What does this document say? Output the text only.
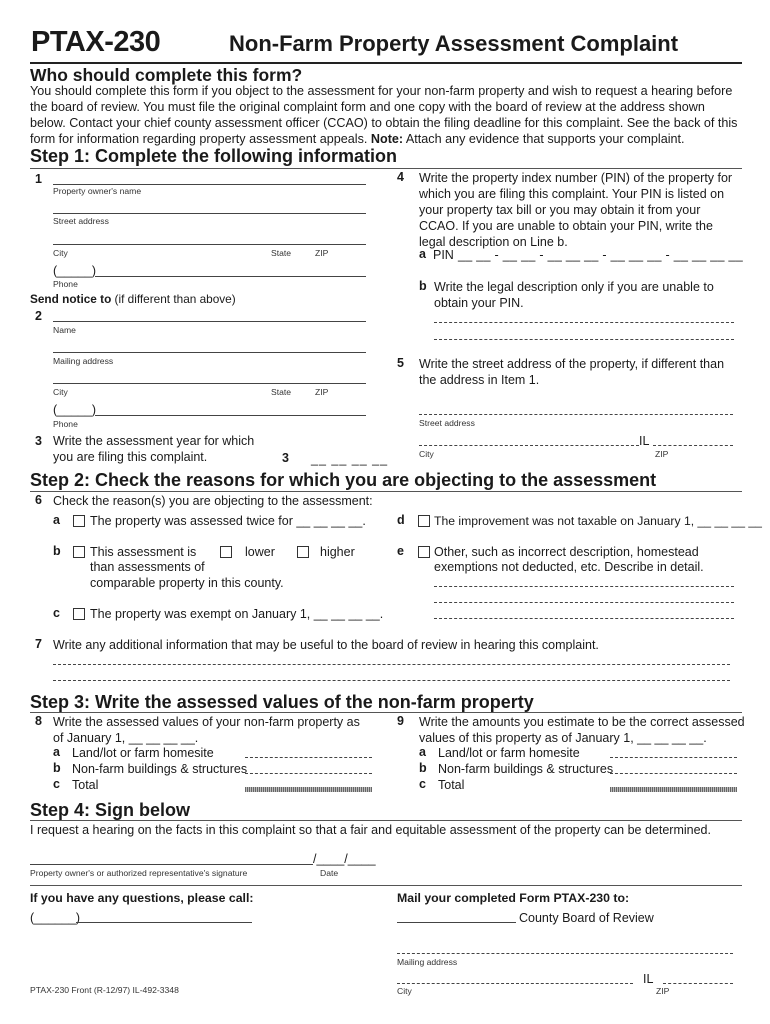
PTAX-230	Non-Farm Property Assessment Complaint
Who should complete this form?
You should complete this form if you object to the assessment for your non-farm property and wish to request a hearing before the board of review. You must file the original complaint form and one copy with the board of review at the address shown below. Contact your chief county assessment officer (CCAO) to obtain the filing deadline for this complaint. See the back of this form for information regarding property assessment appeals. Note: Attach any evidence that supports your complaint.
Step 1: Complete the following information
1
Property owner's name
Street address
City	State	ZIP
(_____)
Phone
Send notice to (if different than above)
2
Name
Mailing address
City	State	ZIP
(_____)
Phone
3 Write the assessment year for which
you are filing this complaint.	3 __ __ __ __
4 Write the property index number (PIN) of the property for which you are filing this complaint. Your PIN is listed on your property tax bill or you may obtain it from your CCAO. If you are unable to obtain your PIN, write the legal description on Line b.
a PIN __ __ - __ __ - __ __ __ - __ __ __ - __ __ __ __
b Write the legal description only if you are unable to obtain your PIN.
5 Write the street address of the property, if different than the address in Item 1.
Street address
IL
City	ZIP
Step 2: Check the reasons for which you are objecting to the assessment
6 Check the reason(s) you are objecting to the assessment:
a The property was assessed twice for __ __ __ __.
b This assessment is	lower	higher
than assessments of
comparable property in this county.
c The property was exempt on January 1, __ __ __ __.
d The improvement was not taxable on January 1, __ __ __ __
e Other, such as incorrect description, homestead
exemptions not deducted, etc. Describe in detail.
7 Write any additional information that may be useful to the board of review in hearing this complaint.
Step 3: Write the assessed values of the non-farm property
8 Write the assessed values of your non-farm property as
of January 1, __ __ __ __.
a Land/lot or farm homesite
b Non-farm buildings & structures
c Total
9 Write the amounts you estimate to be the correct assessed
values of this property as of January 1, __ __ __ __.
a Land/lot or farm homesite
b Non-farm buildings & structures
c Total
Step 4: Sign below
I request a hearing on the facts in this complaint so that a fair and equitable assessment of the property can be determined.
/____/____
Property owner's or authorized representative's signature	Date
If you have any questions, please call:
(______)
Mail your completed Form PTAX-230 to:
County Board of Review
Mailing address
IL
City	ZIP
PTAX-230 Front (R-12/97) IL-492-3348
